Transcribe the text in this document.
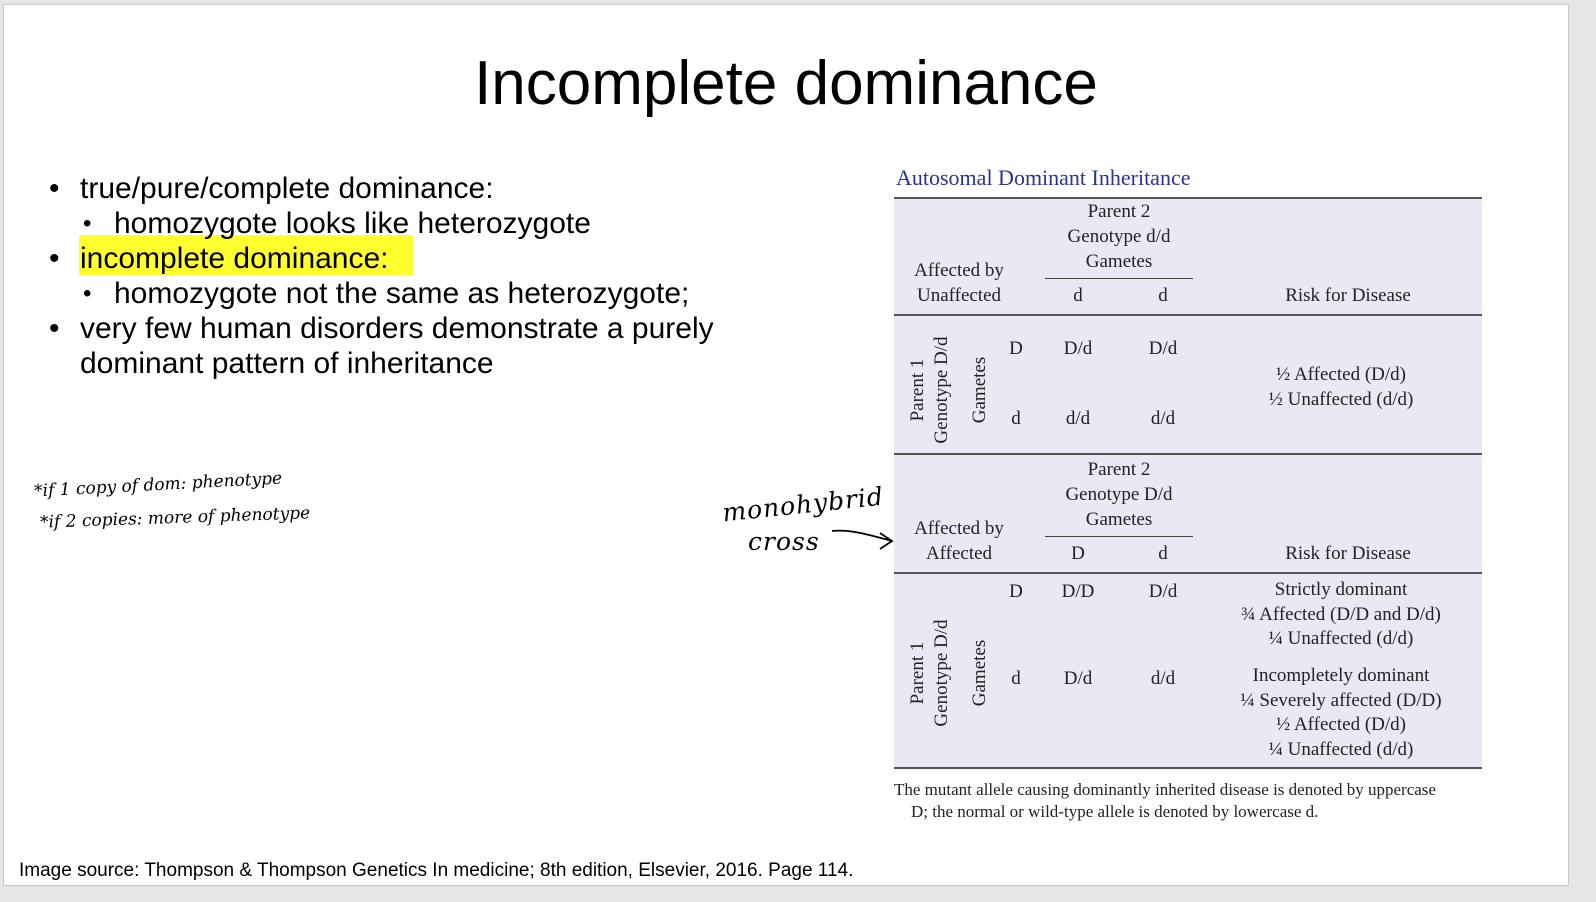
Incomplete dominance
• true/pure/complete dominance:
• homozygote looks like heterozygote
• incomplete dominance:
• homozygote not the same as heterozygote;
• very few human disorders demonstrate a purely
dominant pattern of inheritance
*if 1 copy of dom: phenotype
*if 2 copies: more of phenotype	monohybrid
cross
Autosomal Dominant Inheritance
Parent 2
Genotype d/d
Gametes
Affected by
Unaffected	d	d	Risk for Disease
Parent 1 Genotype D/d Gametes
D D/d	D/d
d d/d	d/d
½ Affected (D/d)
½ Unaffected (d/d)
Parent 2
Genotype D/d
Gametes
Affected by
Affected	D	d	Risk for Disease
Parent 1 Genotype D/d Gametes
D D/D	D/d
d D/d	d/d
Strictly dominant
¾ Affected (D/D and D/d)
¼ Unaffected (d/d)
Incompletely dominant
¼ Severely affected (D/D)
½ Affected (D/d)
¼ Unaffected (d/d)
The mutant allele causing dominantly inherited disease is denoted by uppercase
D; the normal or wild-type allele is denoted by lowercase d.
Image source: Thompson & Thompson Genetics In medicine; 8th edition, Elsevier, 2016. Page 114.
